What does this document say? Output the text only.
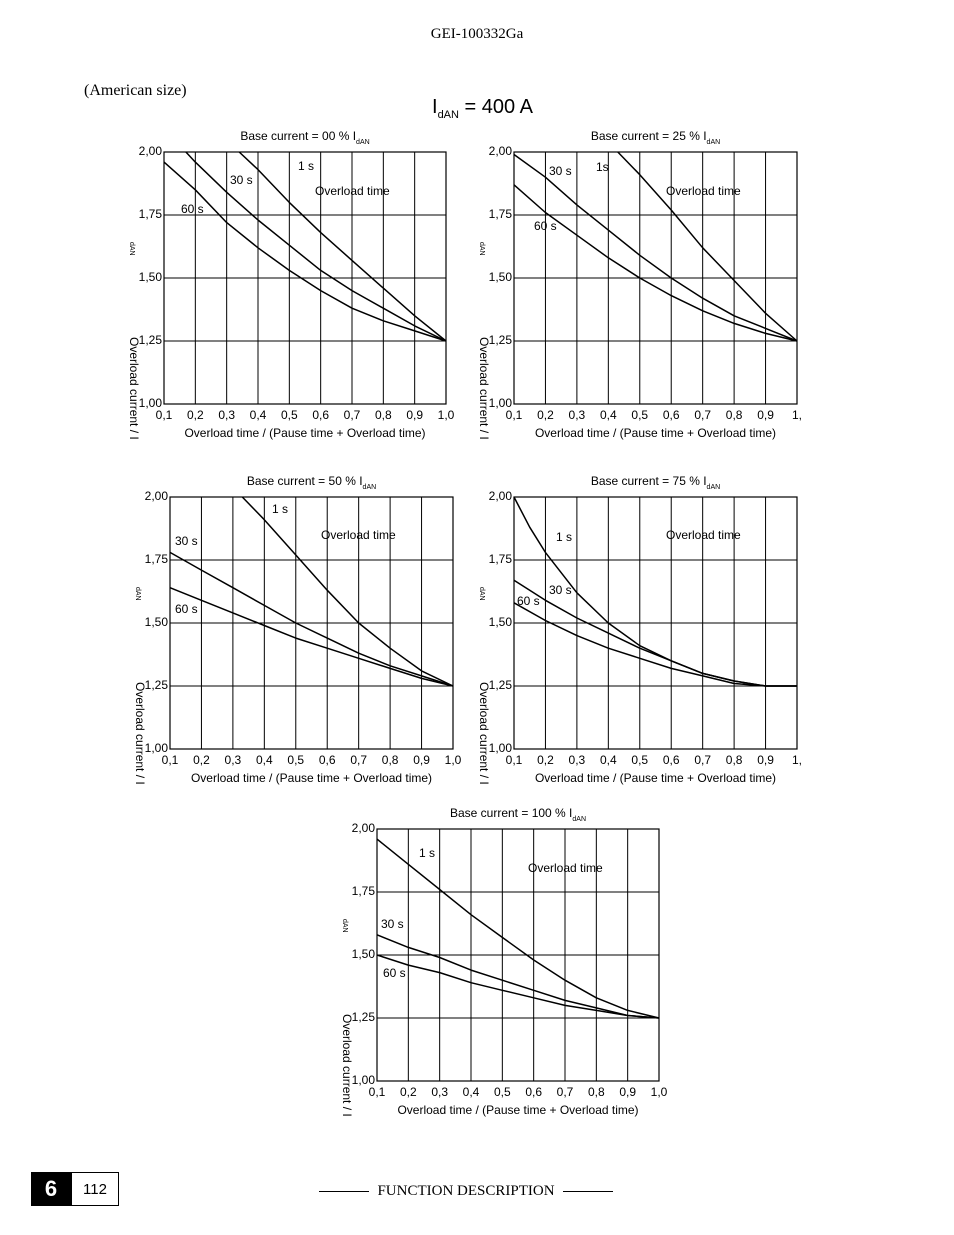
GEI-100332Ga
(American size)
$I_{dAN} = 400$ A
1,00
1,25
1,50
1,75
2,00
0,1 0,2 0,3 0,4 0,5 0,6 0,7 0,8 0,9 1,0
Base current = 00 % $I_{dAN}$
Overload time / (Pause time + Overload time)
Overload current / I
dAN
Overload time
1 s
30 s
60 s
1,00
1,25
1,50
1,75
2,00
0,1 0,2 0,3 0,4 0,5 0,6 0,7 0,8 0,9 1,
Base current = 25 % $I_{dAN}$
Overload time / (Pause time + Overload time)
Overload current / I
dAN
Overload time
1s
30 s
60 s
1,00
1,25
1,50
1,75
2,00
0,1 0,2 0,3 0,4 0,5 0,6 0,7 0,8 0,9 1,0
Base current = 50 % $I_{dAN}$
Overload time / (Pause time + Overload time)
Overload current / I
dAN
Overload time
1 s
30 s
60 s
1,00
1,25
1,50
1,75
2,00
0,1 0,2 0,3 0,4 0,5 0,6 0,7 0,8 0,9 1,
Base current = 75 % $I_{dAN}$
Overload time / (Pause time + Overload time)
Overload current / I
dAN
Overload time
1 s
30 s
60 s
1,00
1,25
1,50
1,75
2,00
0,1 0,2 0,3 0,4 0,5 0,6 0,7 0,8 0,9 1,0
Base current = 100 % $I_{dAN}$
Overload time / (Pause time + Overload time)
Overload current / I
dAN
Overload time
1 s
30 s
60 s
6	112	FUNCTION DESCRIPTION
